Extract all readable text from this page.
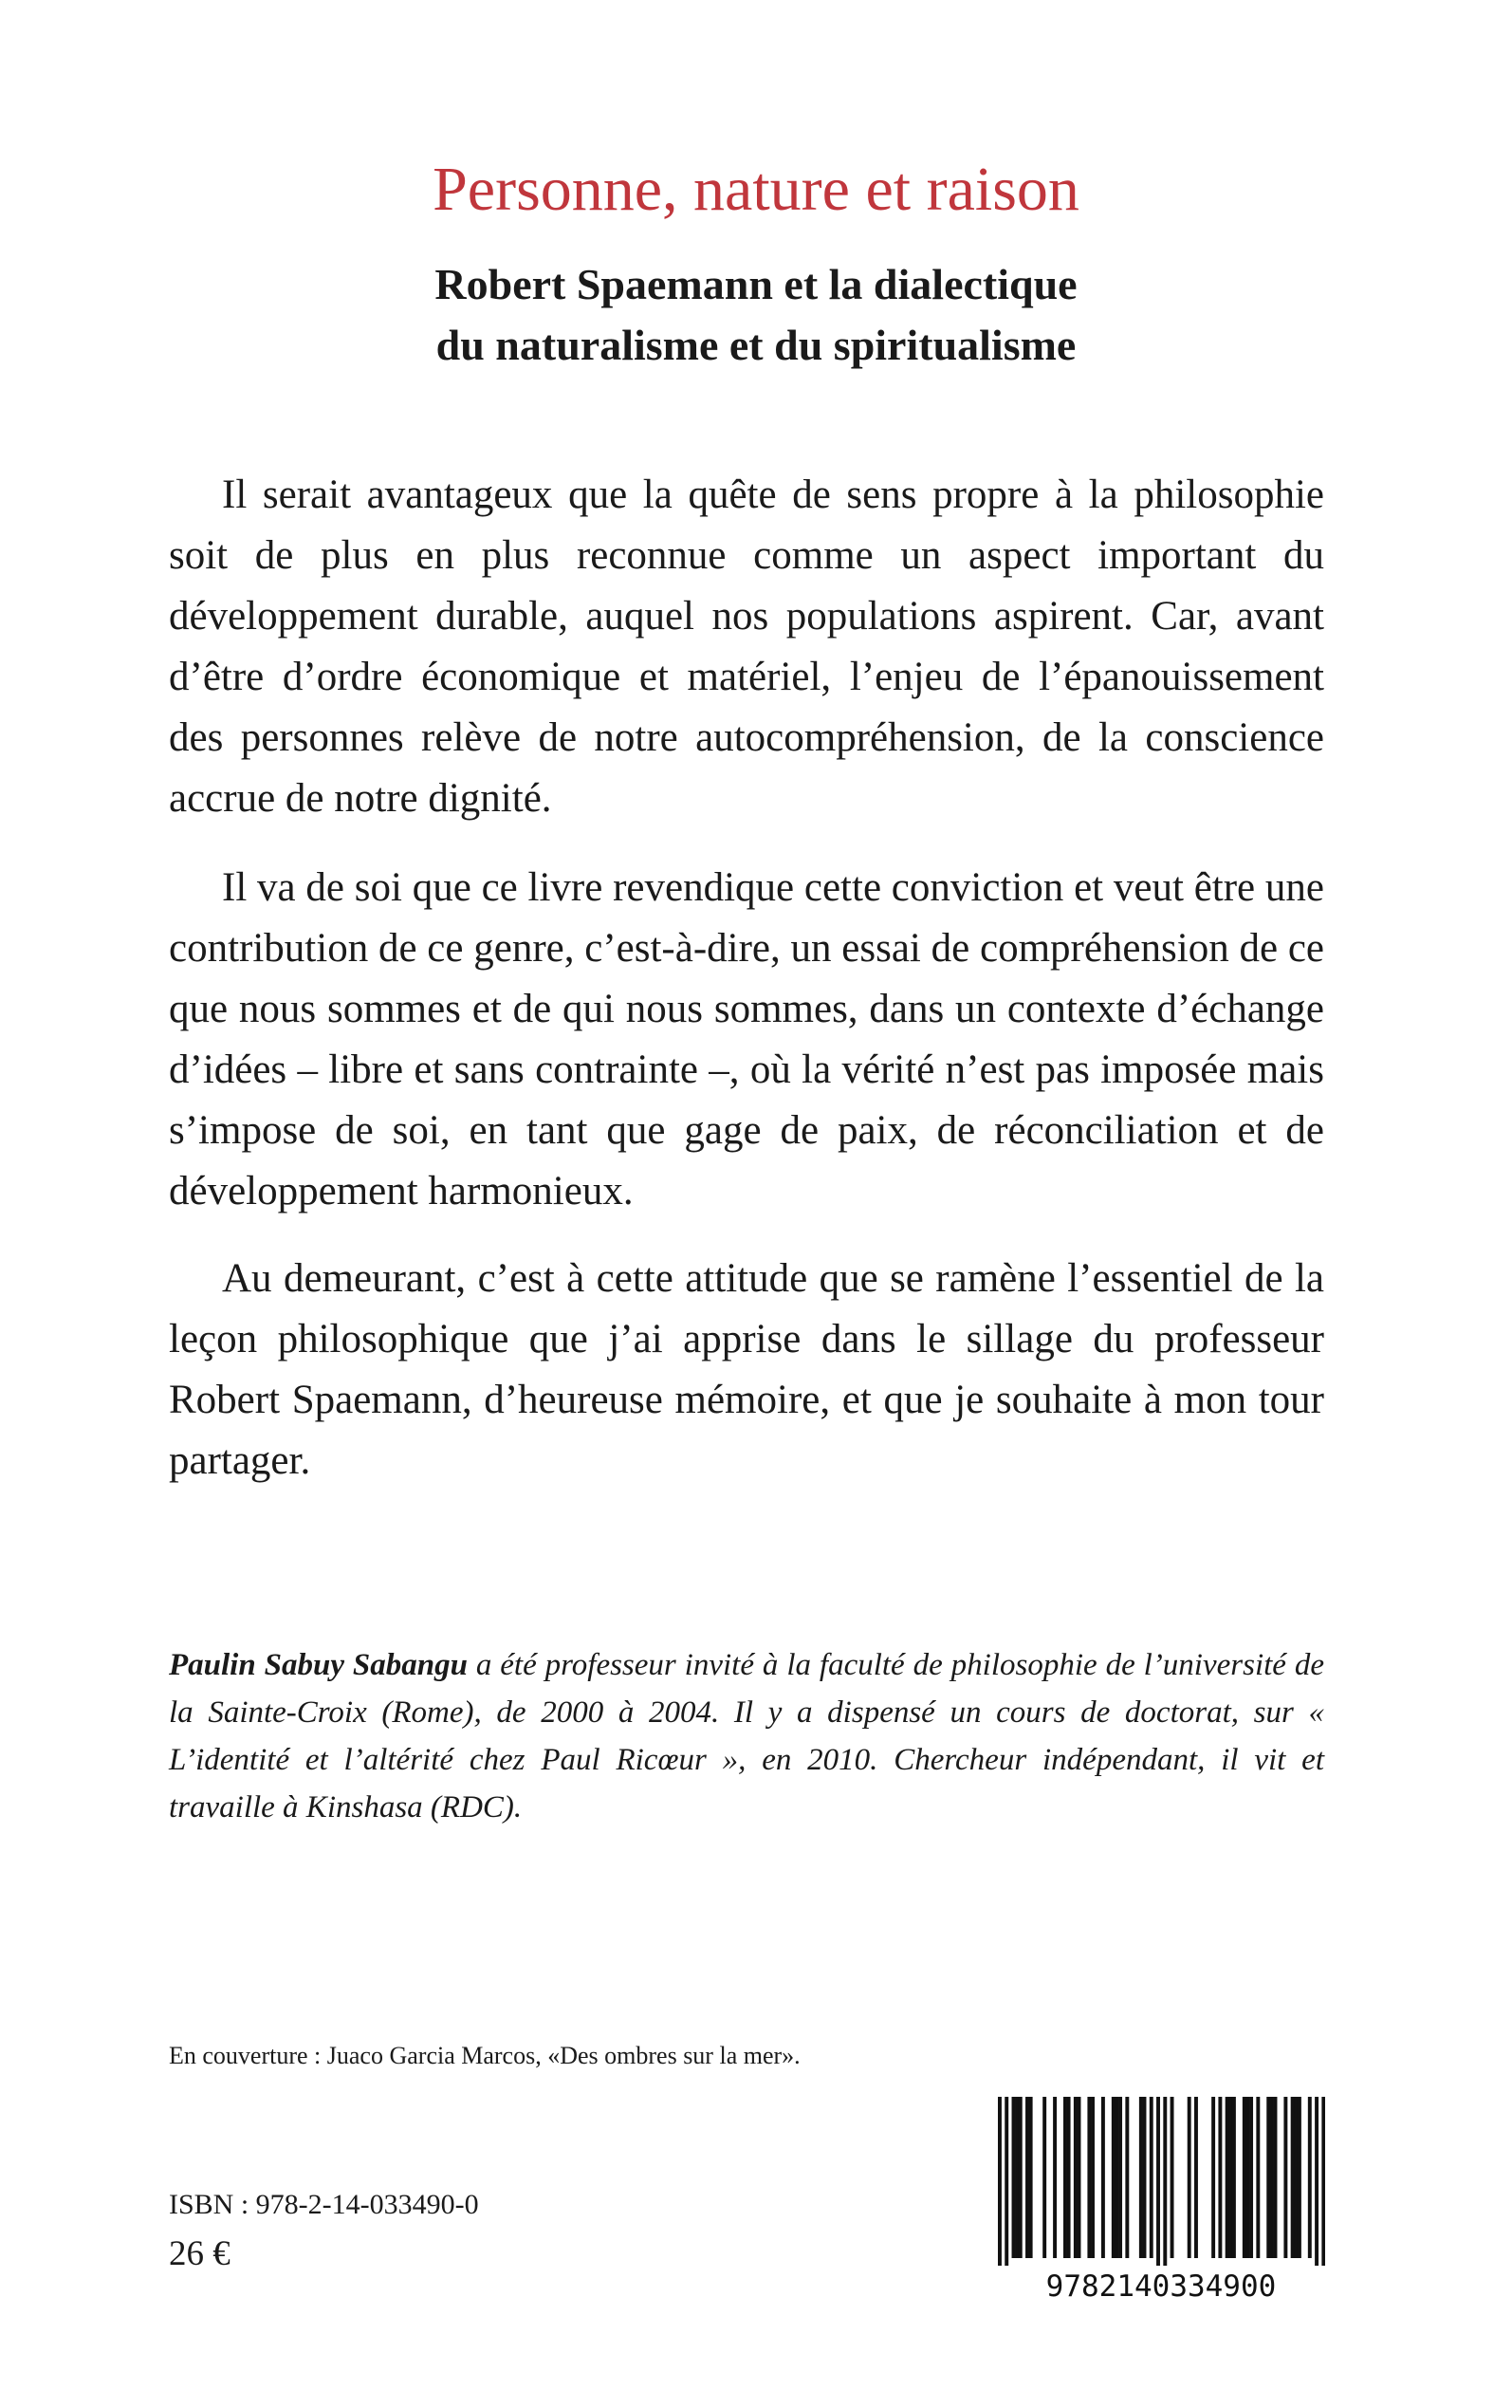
Personne, nature et raison
Robert Spaemann et la dialectique
du naturalisme et du spiritualisme

Il serait avantageux que la quête de sens propre à la philosophie soit de plus en plus reconnue comme un aspect important du développement durable, auquel nos populations aspirent. Car, avant d’être d’ordre économique et matériel, l’enjeu de l’épanouissement des personnes relève de notre autocompréhension, de la conscience accrue de notre dignité.

Il va de soi que ce livre revendique cette conviction et veut être une contribution de ce genre, c’est-à-dire, un essai de compréhension de ce que nous sommes et de qui nous sommes, dans un contexte d’échange d’idées – libre et sans contrainte –, où la vérité n’est pas imposée mais s’impose de soi, en tant que gage de paix, de réconciliation et de développement harmonieux.

Au demeurant, c’est à cette attitude que se ramène l’essentiel de la leçon philosophique que j’ai apprise dans le sillage du professeur Robert Spaemann, d’heureuse mémoire, et que je souhaite à mon tour partager.

Paulin Sabuy Sabangu a été professeur invité à la faculté de philosophie de l’université de la Sainte-Croix (Rome), de 2000 à 2004. Il y a dispensé un cours de doctorat, sur « L’identité et l’altérité chez Paul Ricœur », en 2010. Chercheur indépendant, il vit et travaille à Kinshasa (RDC).

En couverture : Juaco Garcia Marcos, «Des ombres sur la mer».

ISBN : 978-2-14-033490-0

26 €

9782140334900
